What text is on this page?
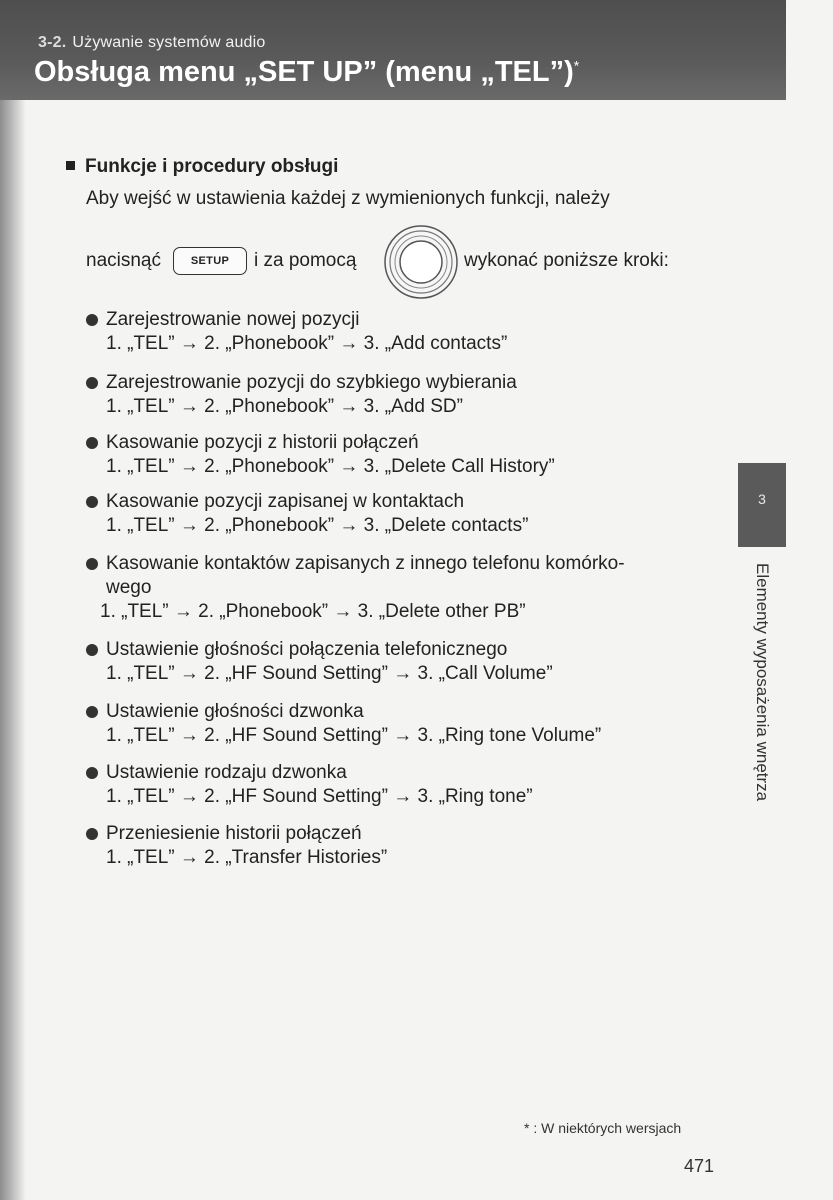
3-2. Używanie systemów audio
Obsługa menu „SET UP” (menu „TEL”)*
Funkcje i procedury obsługi
Aby wejść w ustawienia każdej z wymienionych funkcji, należy
nacisnąć	SETUP	i za pomocą	wykonać poniższe kroki:
Zarejestrowanie nowej pozycji
1. „TEL” → 2. „Phonebook” → 3. „Add contacts”
Zarejestrowanie pozycji do szybkiego wybierania
1. „TEL” → 2. „Phonebook” → 3. „Add SD”
Kasowanie pozycji z historii połączeń
1. „TEL” → 2. „Phonebook” → 3. „Delete Call History”
Kasowanie pozycji zapisanej w kontaktach
1. „TEL” → 2. „Phonebook” → 3. „Delete contacts”
Kasowanie kontaktów zapisanych z innego telefonu komórko-
wego
1. „TEL” → 2. „Phonebook” → 3. „Delete other PB”
Ustawienie głośności połączenia telefonicznego
1. „TEL” → 2. „HF Sound Setting” → 3. „Call Volume”
Ustawienie głośności dzwonka
1. „TEL” → 2. „HF Sound Setting” → 3. „Ring tone Volume”
Ustawienie rodzaju dzwonka
1. „TEL” → 2. „HF Sound Setting” → 3. „Ring tone”
Przeniesienie historii połączeń
1. „TEL” → 2. „Transfer Histories”
3
Elementy wyposażenia wnętrza
* : W niektórych wersjach
471
